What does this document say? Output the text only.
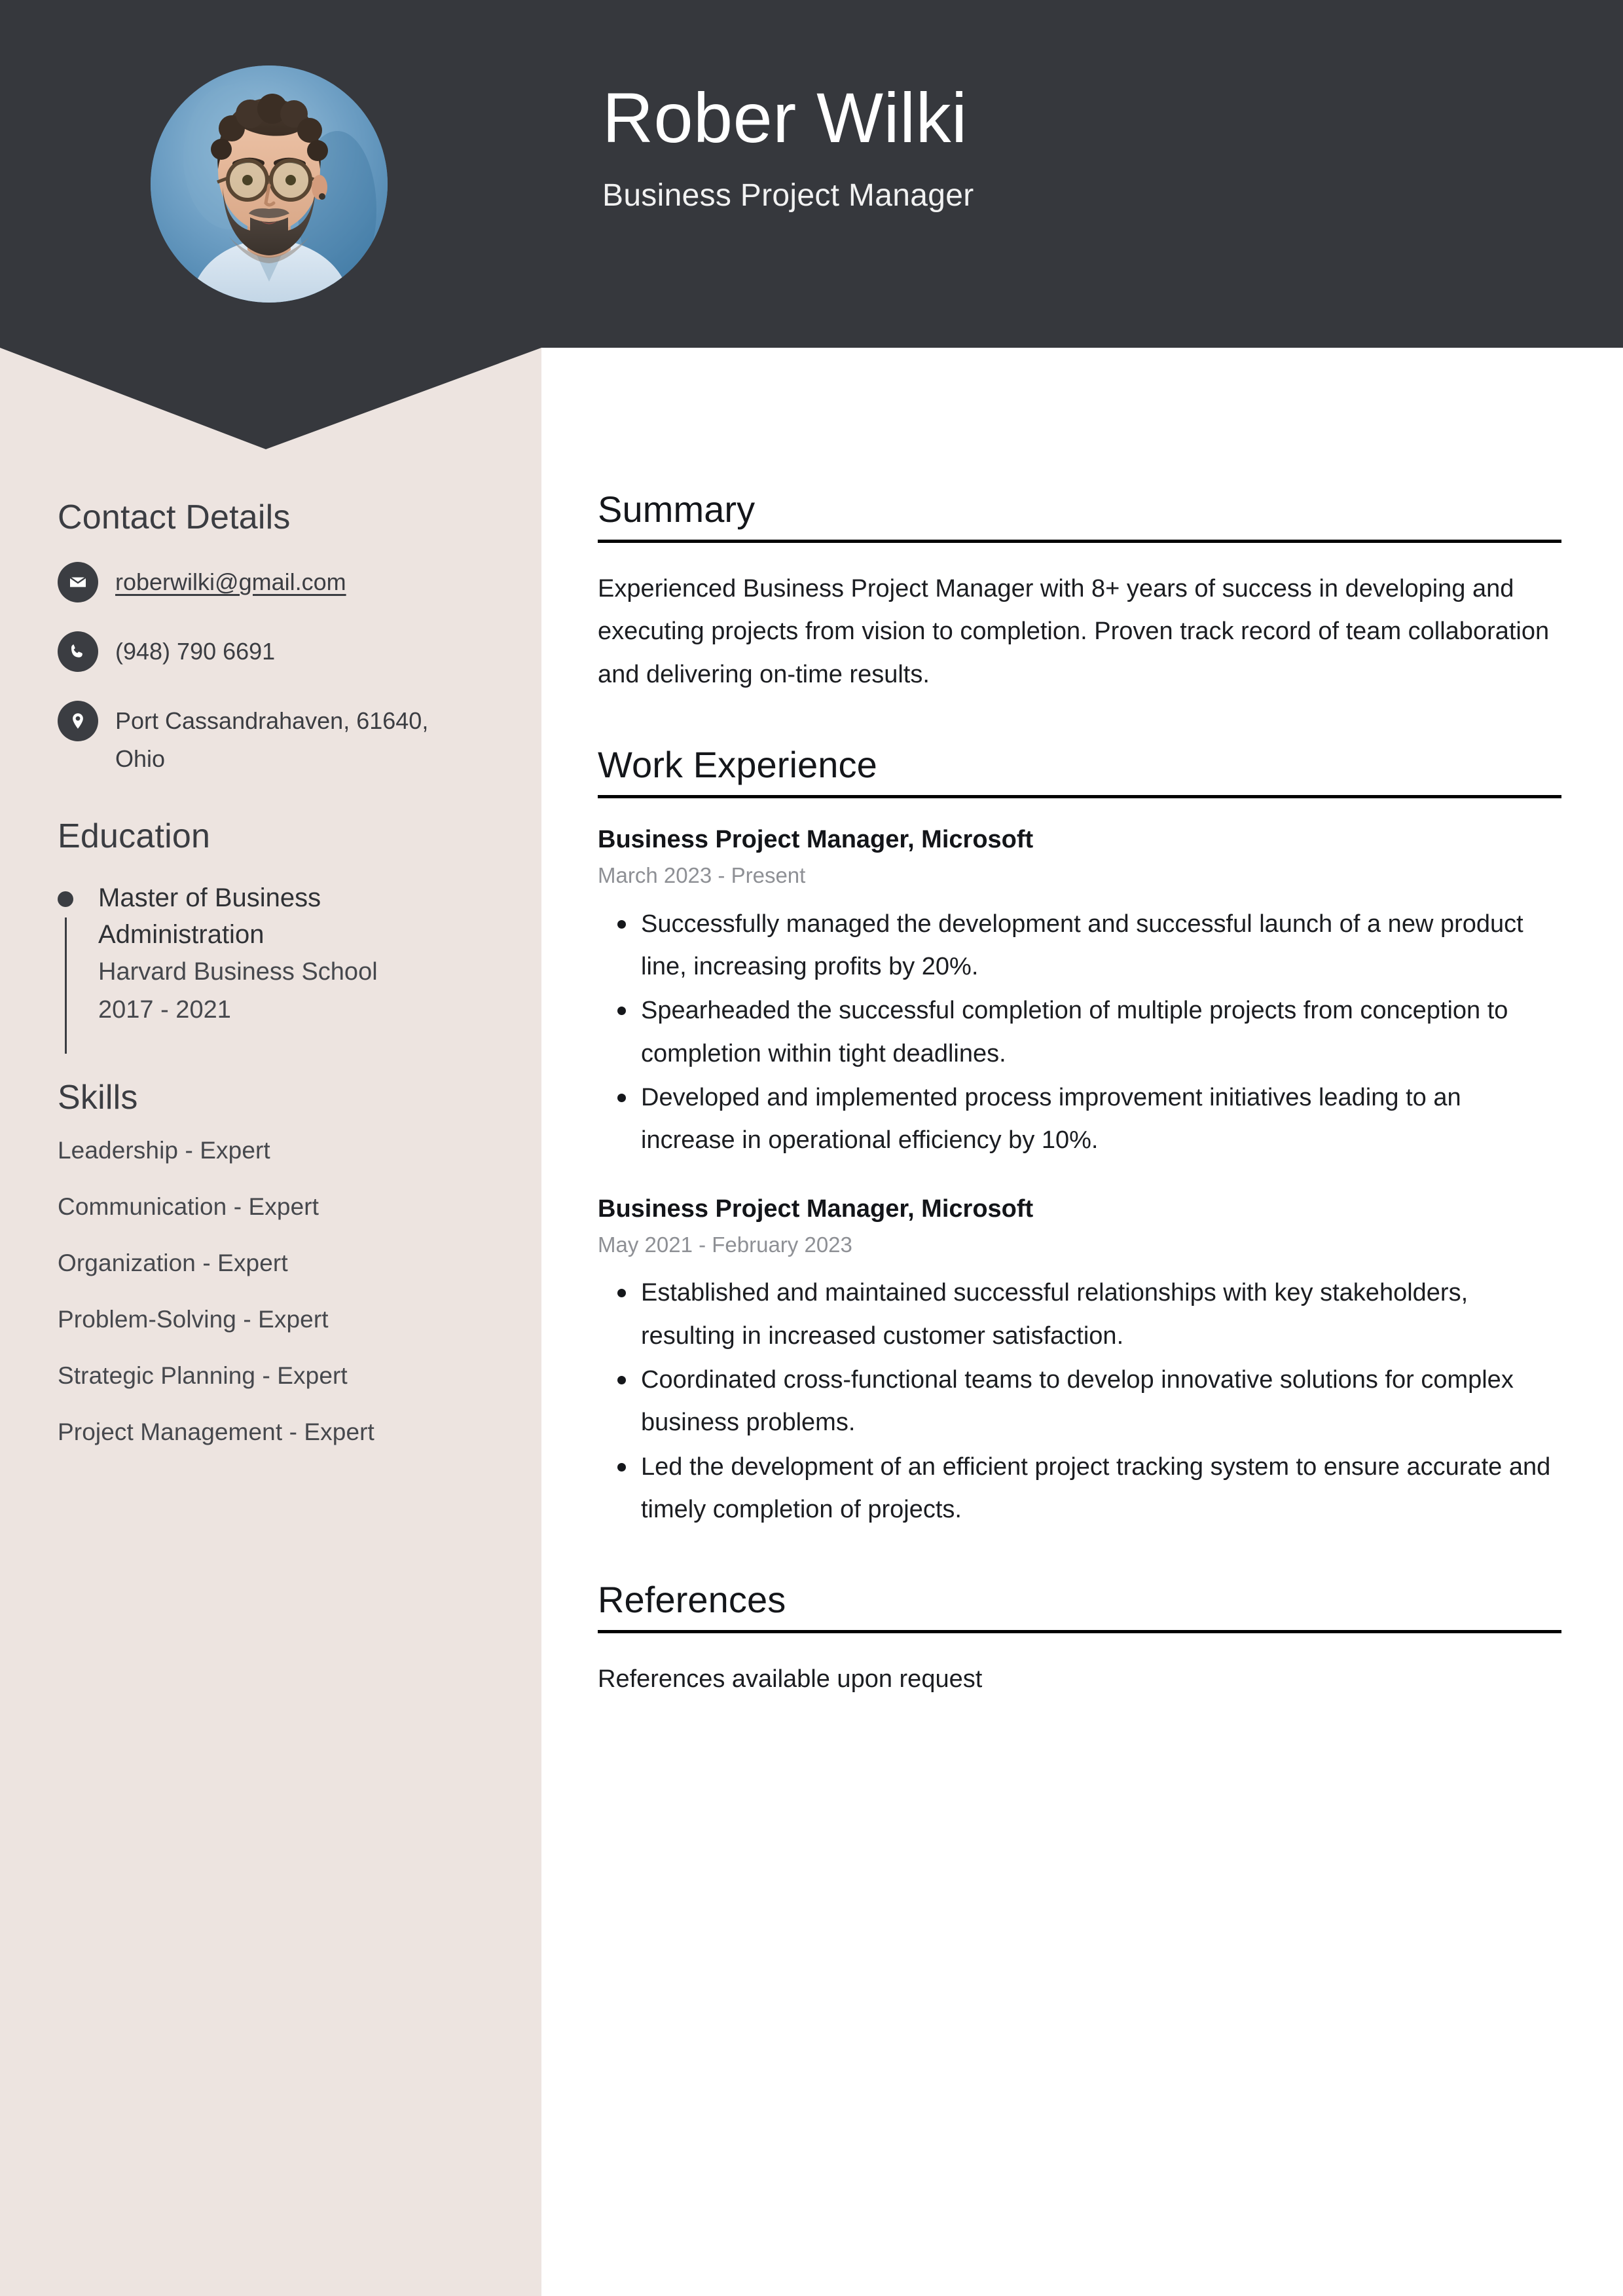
Rober Wilki
Business Project Manager
Contact Details
roberwilki@gmail.com
(948) 790 6691
Port Cassandrahaven, 61640, Ohio
Education
Master of Business Administration
Harvard Business School
2017 - 2021
Skills
Leadership - Expert
Communication - Expert
Organization - Expert
Problem-Solving - Expert
Strategic Planning - Expert
Project Management - Expert
Summary

Experienced Business Project Manager with 8+ years of success in developing and executing projects from vision to completion. Proven track record of team collaboration and delivering on-time results.

Work Experience
Business Project Manager, Microsoft
March 2023 - Present
Successfully managed the development and successful launch of a new product line, increasing profits by 20%.
Spearheaded the successful completion of multiple projects from conception to completion within tight deadlines.
Developed and implemented process improvement initiatives leading to an increase in operational efficiency by 10%.
Business Project Manager, Microsoft
May 2021 - February 2023
Established and maintained successful relationships with key stakeholders, resulting in increased customer satisfaction.
Coordinated cross-functional teams to develop innovative solutions for complex business problems.
Led the development of an efficient project tracking system to ensure accurate and timely completion of projects.
References

References available upon request
